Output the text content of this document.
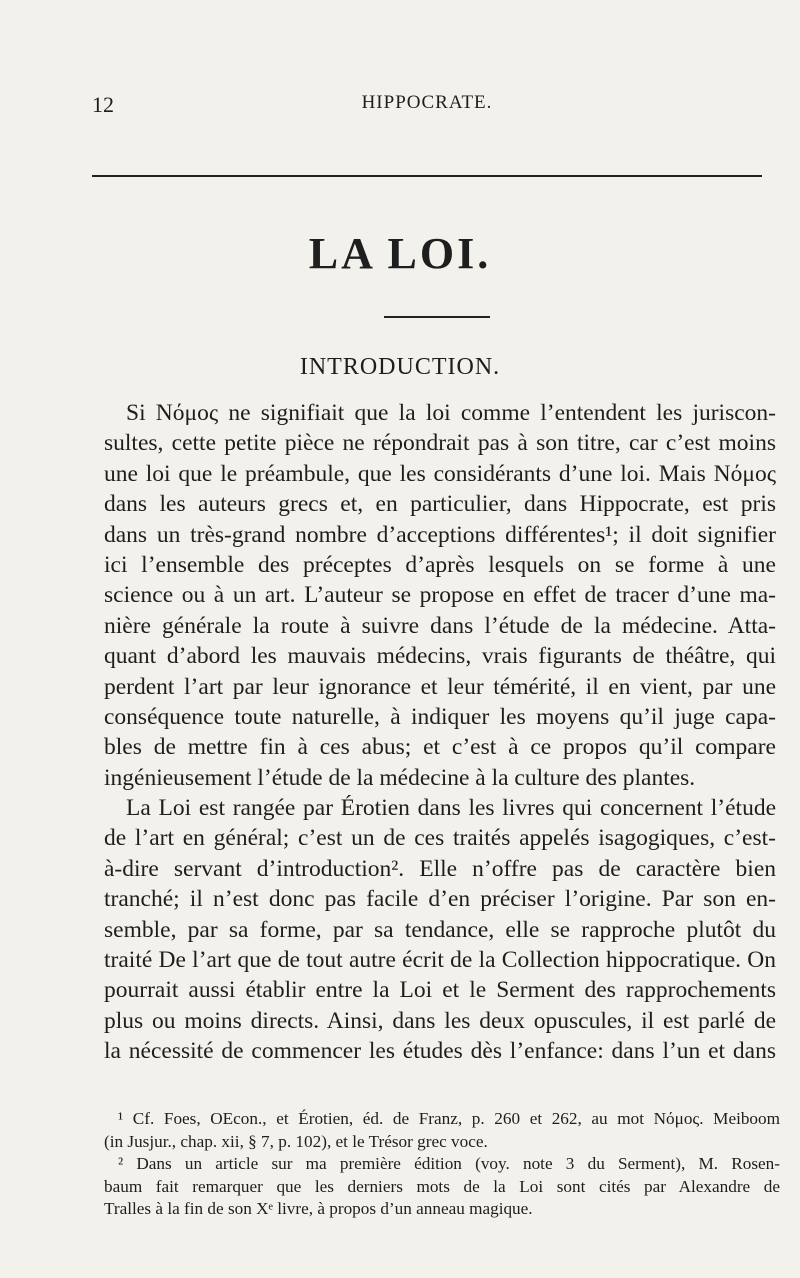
12	HIPPOCRATE.
LA LOI.
INTRODUCTION.
Si Νόμος ne signifiait que la loi comme l’entendent les juriscon-
sultes, cette petite pièce ne répondrait pas à son titre, car c’est moins
une loi que le préambule, que les considérants d’une loi. Mais Νόμος
dans les auteurs grecs et, en particulier, dans Hippocrate, est pris
dans un très-grand nombre d’acceptions différentes¹; il doit signifier
ici l’ensemble des préceptes d’après lesquels on se forme à une
science ou à un art. L’auteur se propose en effet de tracer d’une ma-
nière générale la route à suivre dans l’étude de la médecine. Atta-
quant d’abord les mauvais médecins, vrais figurants de théâtre, qui
perdent l’art par leur ignorance et leur témérité, il en vient, par une
conséquence toute naturelle, à indiquer les moyens qu’il juge capa-
bles de mettre fin à ces abus; et c’est à ce propos qu’il compare
ingénieusement l’étude de la médecine à la culture des plantes.
La Loi est rangée par Érotien dans les livres qui concernent l’étude
de l’art en général; c’est un de ces traités appelés isagogiques, c’est-
à-dire servant d’introduction². Elle n’offre pas de caractère bien
tranché; il n’est donc pas facile d’en préciser l’origine. Par son en-
semble, par sa forme, par sa tendance, elle se rapproche plutôt du
traité De l’art que de tout autre écrit de la Collection hippocratique. On
pourrait aussi établir entre la Loi et le Serment des rapprochements
plus ou moins directs. Ainsi, dans les deux opuscules, il est parlé de
la nécessité de commencer les études dès l’enfance: dans l’un et dans
¹ Cf. Foes, OEcon., et Érotien, éd. de Franz, p. 260 et 262, au mot Νόμος. Meiboom
(in Jusjur., chap. xii, § 7, p. 102), et le Trésor grec voce.
² Dans un article sur ma première édition (voy. note 3 du Serment), M. Rosen-
baum fait remarquer que les derniers mots de la Loi sont cités par Alexandre de
Tralles à la fin de son Xᵉ livre, à propos d’un anneau magique.
